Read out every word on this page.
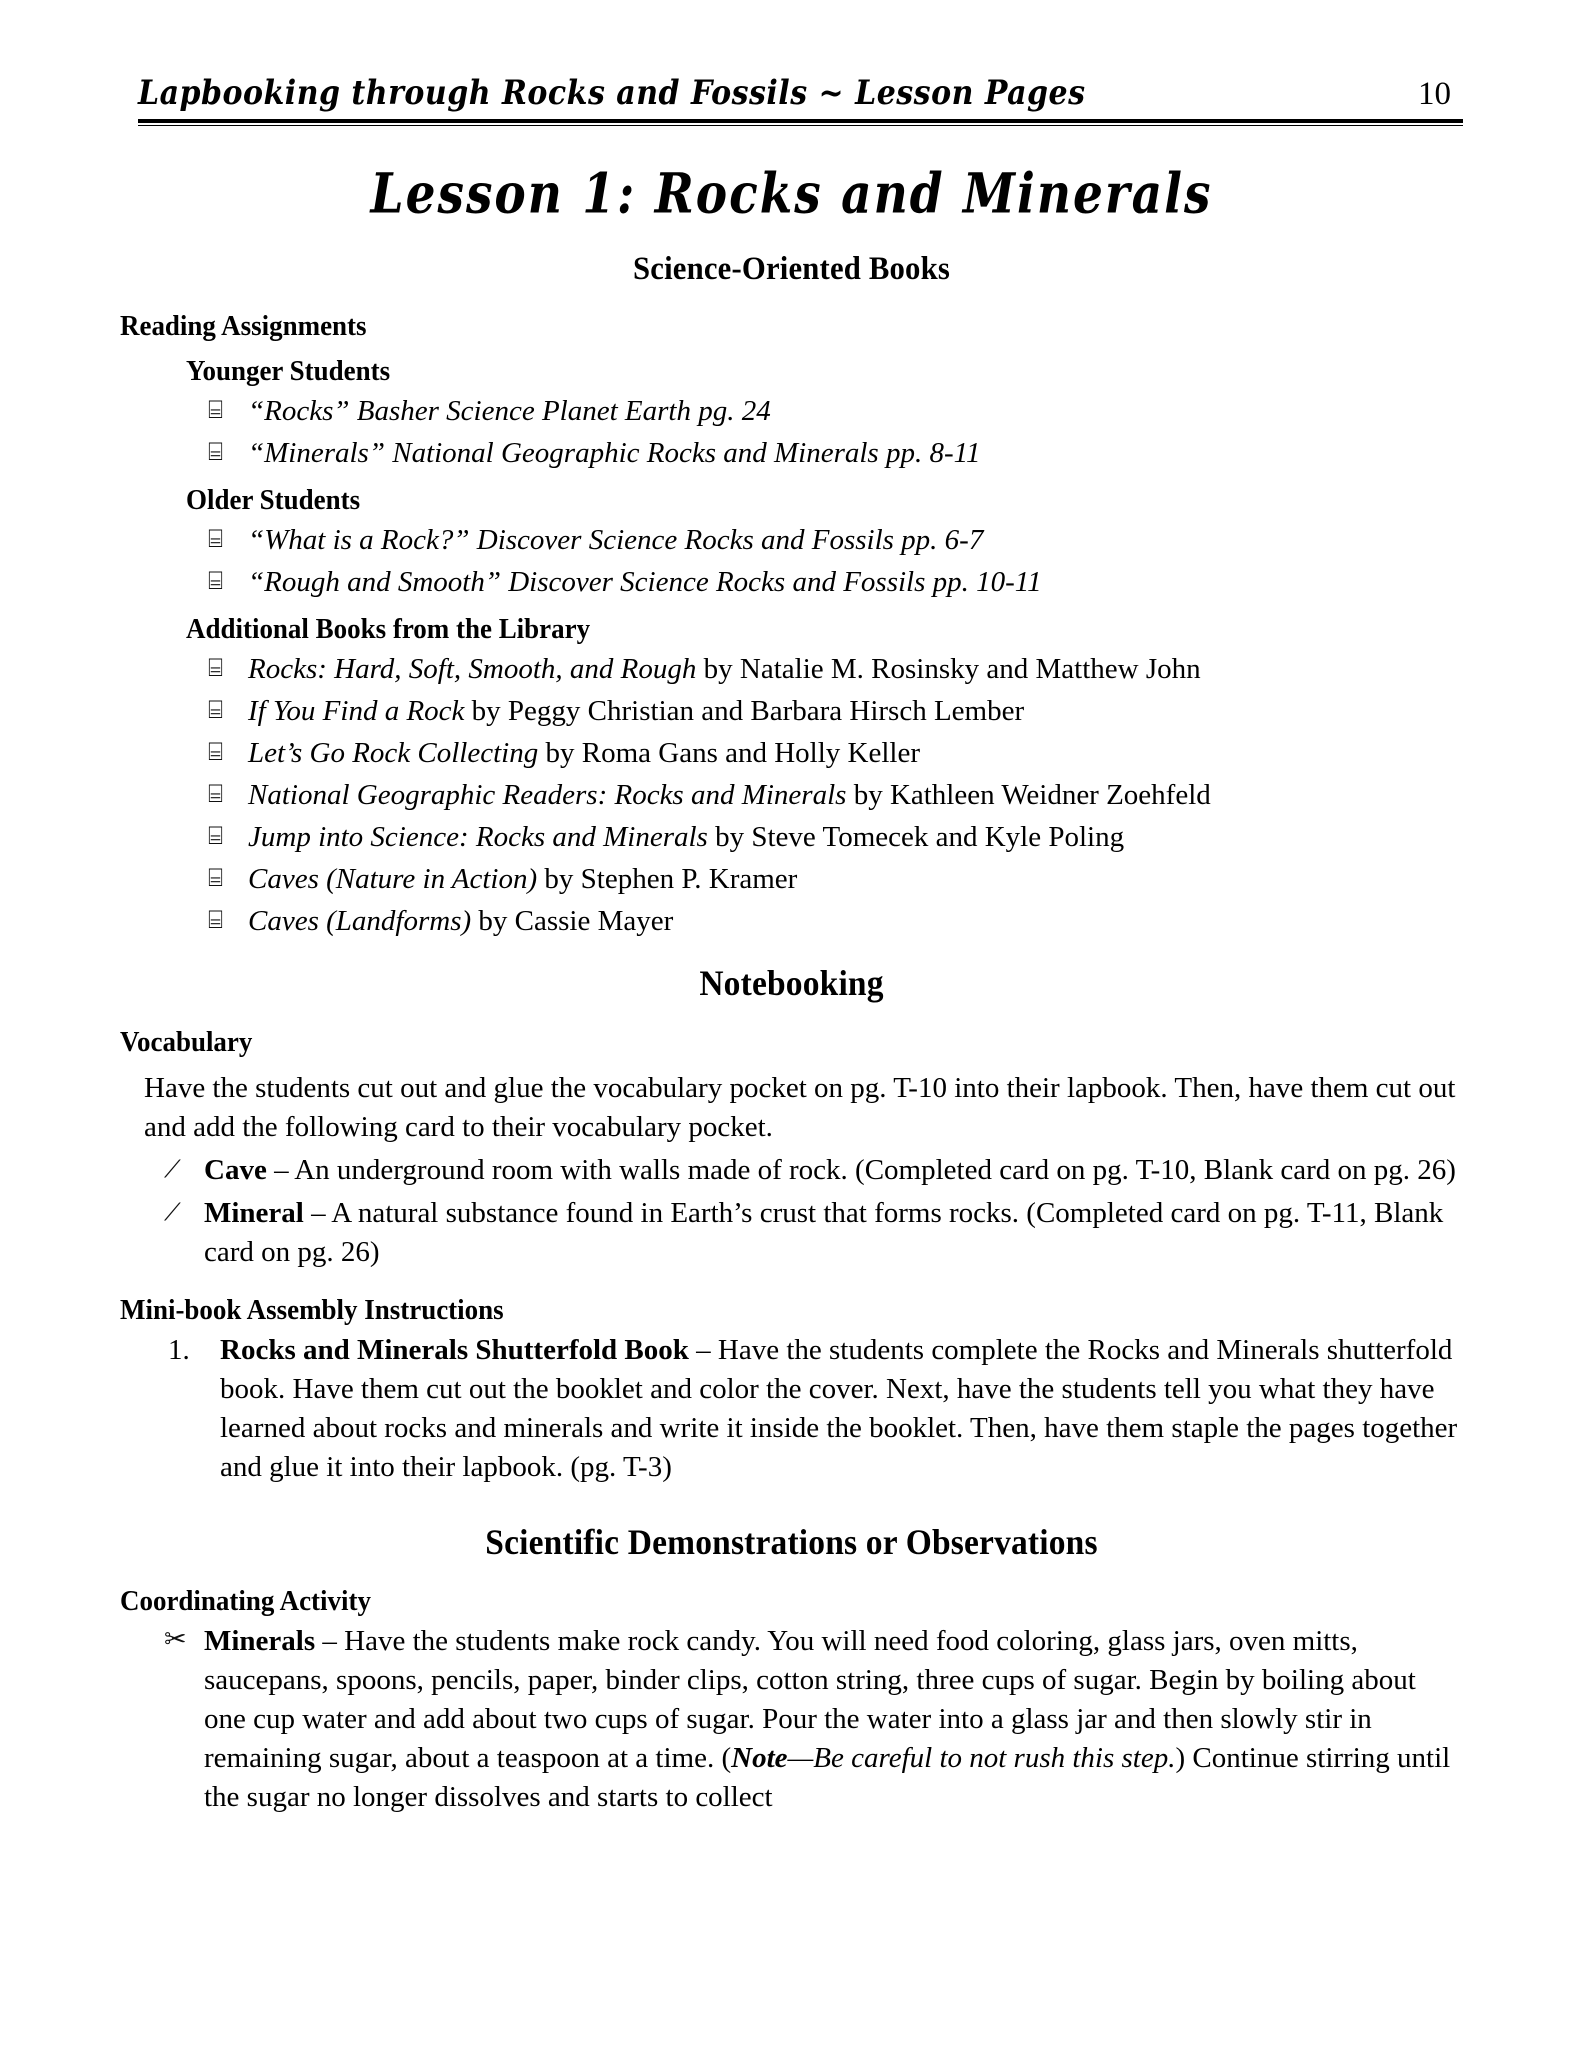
Lapbooking through Rocks and Fossils ~ Lesson Pages	10
Lesson 1: Rocks and Minerals
Science-Oriented Books
Reading Assignments
Younger Students
⌸ “Rocks” Basher Science Planet Earth pg. 24
⌸ “Minerals” National Geographic Rocks and Minerals pp. 8-11
Older Students
⌸ “What is a Rock?” Discover Science Rocks and Fossils pp. 6-7
⌸ “Rough and Smooth” Discover Science Rocks and Fossils pp. 10-11
Additional Books from the Library
⌸ Rocks: Hard, Soft, Smooth, and Rough by Natalie M. Rosinsky and Matthew John
⌸ If You Find a Rock by Peggy Christian and Barbara Hirsch Lember
⌸ Let’s Go Rock Collecting by Roma Gans and Holly Keller
⌸ National Geographic Readers: Rocks and Minerals by Kathleen Weidner Zoehfeld
⌸ Jump into Science: Rocks and Minerals by Steve Tomecek and Kyle Poling
⌸ Caves (Nature in Action) by Stephen P. Kramer
⌸ Caves (Landforms) by Cassie Mayer
Notebooking
Vocabulary
Have the students cut out and glue the vocabulary pocket on pg. T-10 into their lapbook. Then, have them cut out and add the following card to their vocabulary pocket.
⟋ Cave – An underground room with walls made of rock. (Completed card on pg. T-10, Blank card on pg. 26)
⟋ Mineral – A natural substance found in Earth’s crust that forms rocks. (Completed card on pg. T-11, Blank card on pg. 26)
Mini-book Assembly Instructions
1.	Rocks and Minerals Shutterfold Book – Have the students complete the Rocks and Minerals shutterfold book. Have them cut out the booklet and color the cover. Next, have the students tell you what they have learned about rocks and minerals and write it inside the booklet. Then, have them staple the pages together and glue it into their lapbook. (pg. T-3)
Scientific Demonstrations or Observations
Coordinating Activity
✂ Minerals – Have the students make rock candy. You will need food coloring, glass jars, oven mitts, saucepans, spoons, pencils, paper, binder clips, cotton string, three cups of sugar. Begin by boiling about one cup water and add about two cups of sugar. Pour the water into a glass jar and then slowly stir in remaining sugar, about a teaspoon at a time. (Note—Be careful to not rush this step.) Continue stirring until the sugar no longer dissolves and starts to collect
